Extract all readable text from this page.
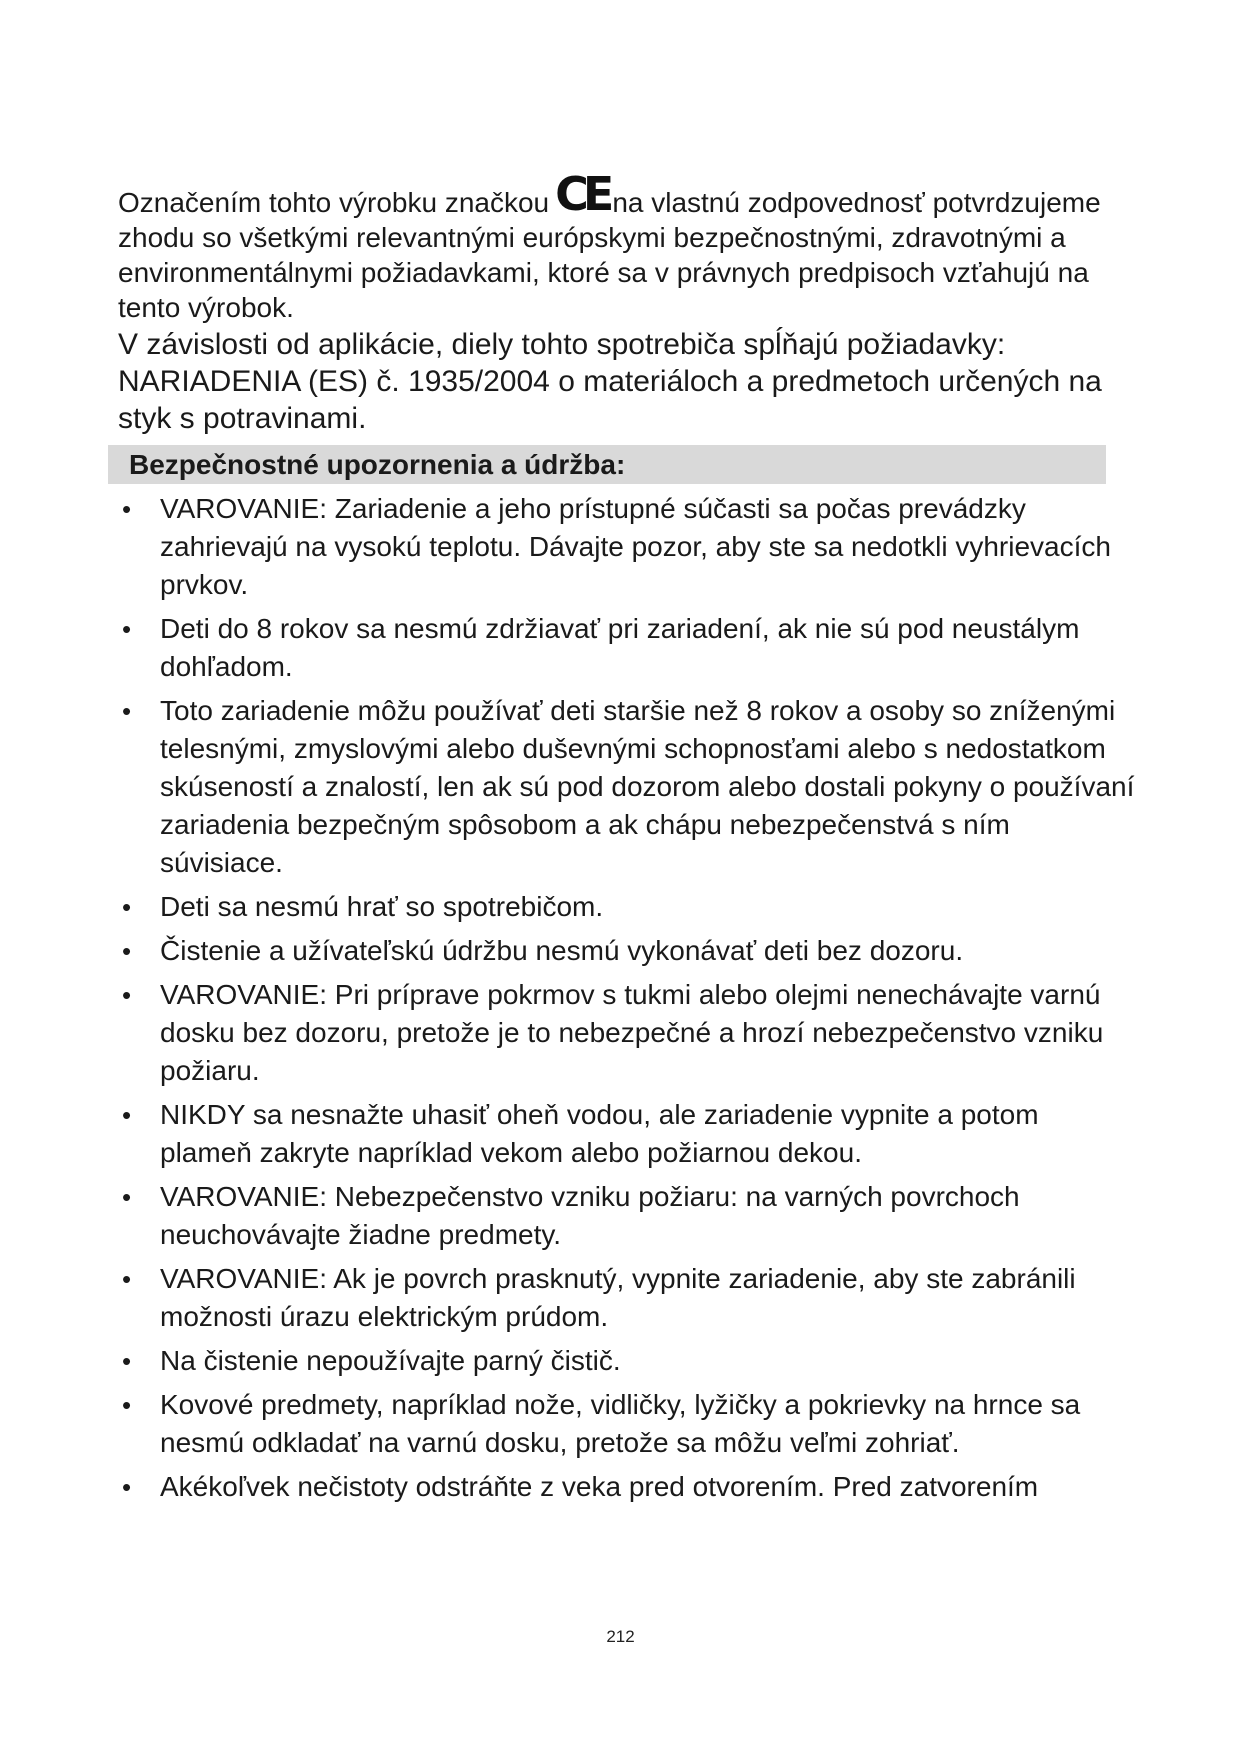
Označením tohto výrobku značkou CE na vlastnú zodpovednosť potvrdzujeme zhodu so všetkými relevantnými európskymi bezpečnostnými, zdravotnými a environmentálnymi požiadavkami, ktoré sa v právnych predpisoch vzťahujú na tento výrobok.

V závislosti od aplikácie, diely tohto spotrebiča spĺňajú požiadavky:

NARIADENIA (ES) č. 1935/2004 o materiáloch a predmetoch určených na styk s potravinami.

Bezpečnostné upozornenia a údržba:
• VAROVANIE: Zariadenie a jeho prístupné súčasti sa počas prevádzky zahrievajú na vysokú teplotu. Dávajte pozor, aby ste sa nedotkli vyhrievacích prvkov.
• Deti do 8 rokov sa nesmú zdržiavať pri zariadení, ak nie sú pod neustálym dohľadom.
• Toto zariadenie môžu používať deti staršie než 8 rokov a osoby so zníženými telesnými, zmyslovými alebo duševnými schopnosťami alebo s nedostatkom skúseností a znalostí, len ak sú pod dozorom alebo dostali pokyny o používaní zariadenia bezpečným spôsobom a ak chápu nebezpečenstvá s ním súvisiace.
• Deti sa nesmú hrať so spotrebičom.
• Čistenie a užívateľskú údržbu nesmú vykonávať deti bez dozoru.
• VAROVANIE: Pri príprave pokrmov s tukmi alebo olejmi nenechávajte varnú dosku bez dozoru, pretože je to nebezpečné a hrozí nebezpečenstvo vzniku požiaru.
• NIKDY sa nesnažte uhasiť oheň vodou, ale zariadenie vypnite a potom plameň zakryte napríklad vekom alebo požiarnou dekou.
• VAROVANIE: Nebezpečenstvo vzniku požiaru: na varných povrchoch neuchovávajte žiadne predmety.
• VAROVANIE: Ak je povrch prasknutý, vypnite zariadenie, aby ste zabránili možnosti úrazu elektrickým prúdom.
• Na čistenie nepoužívajte parný čistič.
• Kovové predmety, napríklad nože, vidličky, lyžičky a pokrievky na hrnce sa nesmú odkladať na varnú dosku, pretože sa môžu veľmi zohriať.
• Akékoľvek nečistoty odstráňte z veka pred otvorením. Pred zatvorením
212
